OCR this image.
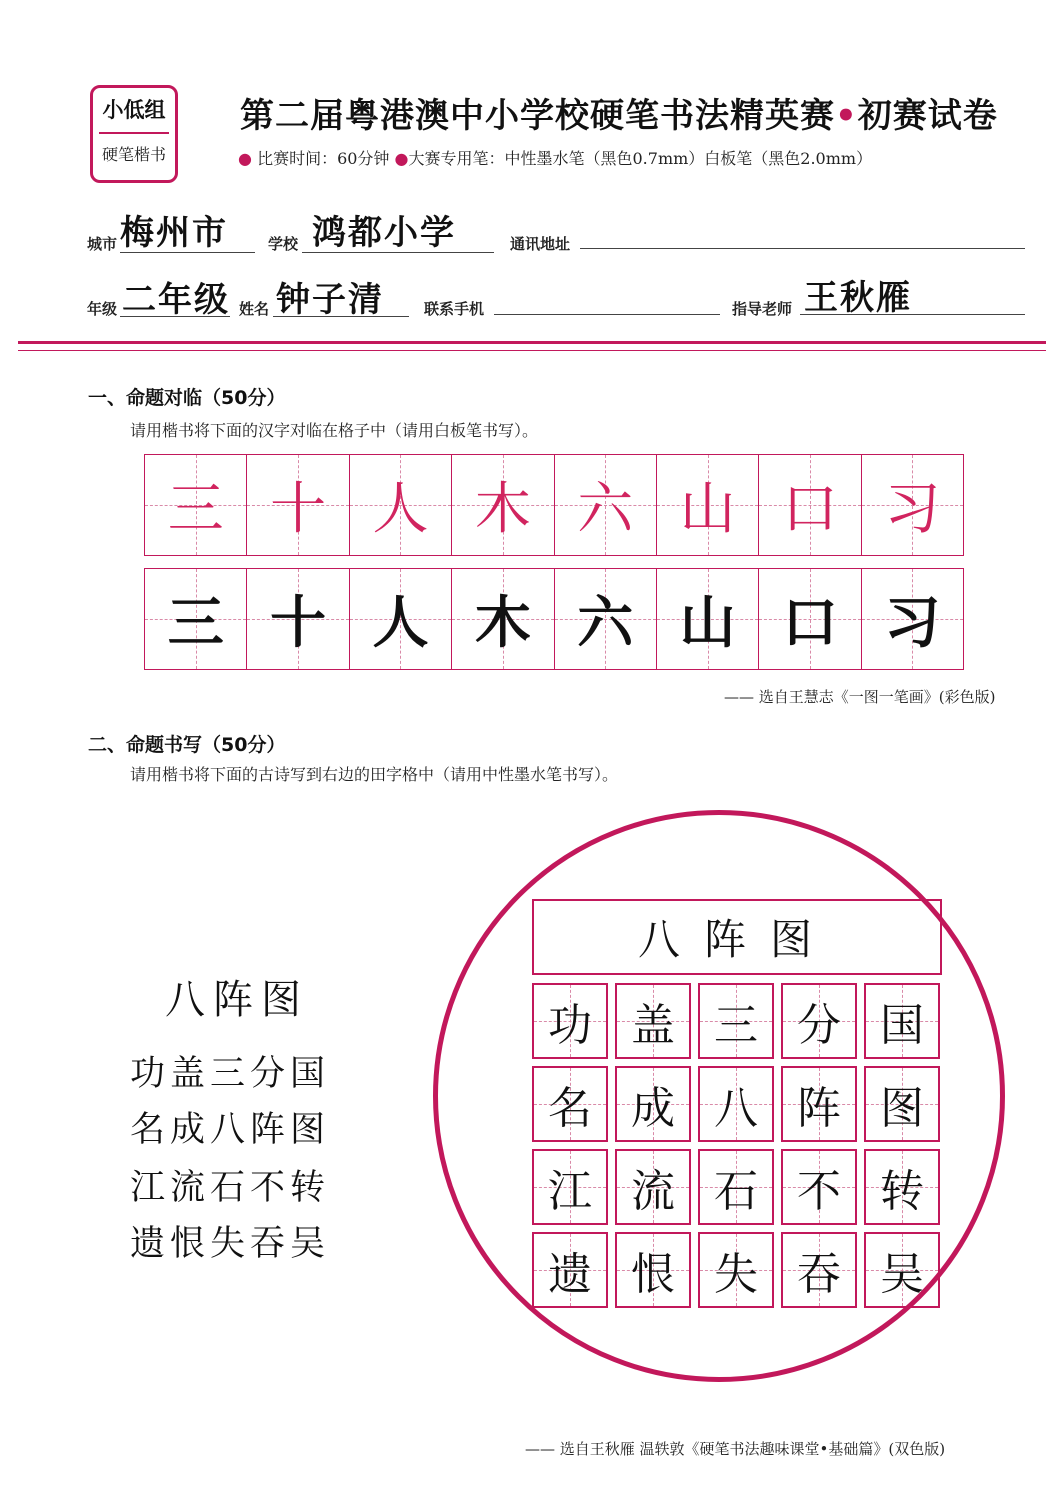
小低组
硬笔楷书
第二届粤港澳中小学校硬笔书法精英赛•初赛试卷
● 比赛时间：60分钟 ●大赛专用笔：中性墨水笔（黑色0.7mm）白板笔（黑色2.0mm）
城市 梅州市	学校 鸿都小学	通讯地址
年级 二年级 姓名 钟子清	联系手机	指导老师 王秋雁
一、命题对临（50分）
请用楷书将下面的汉字对临在格子中（请用白板笔书写）。
三 十 人 木 六 山 口 习
三 十 人 木 六 山 口 习
—— 选自王慧志《一图一笔画》(彩色版)
二、命题书写（50分）
请用楷书将下面的古诗写到右边的田字格中（请用中性墨水笔书写）。
八阵图
功盖三分国
名成八阵图
江流石不转
遗恨失吞吴
八阵图
—— 选自王秋雁 温轶敦《硬笔书法趣味课堂•基础篇》(双色版)
功 盖 三 分 国
名 成 八 阵 图
江 流 石 不 转
遗 恨 失 吞 吴
